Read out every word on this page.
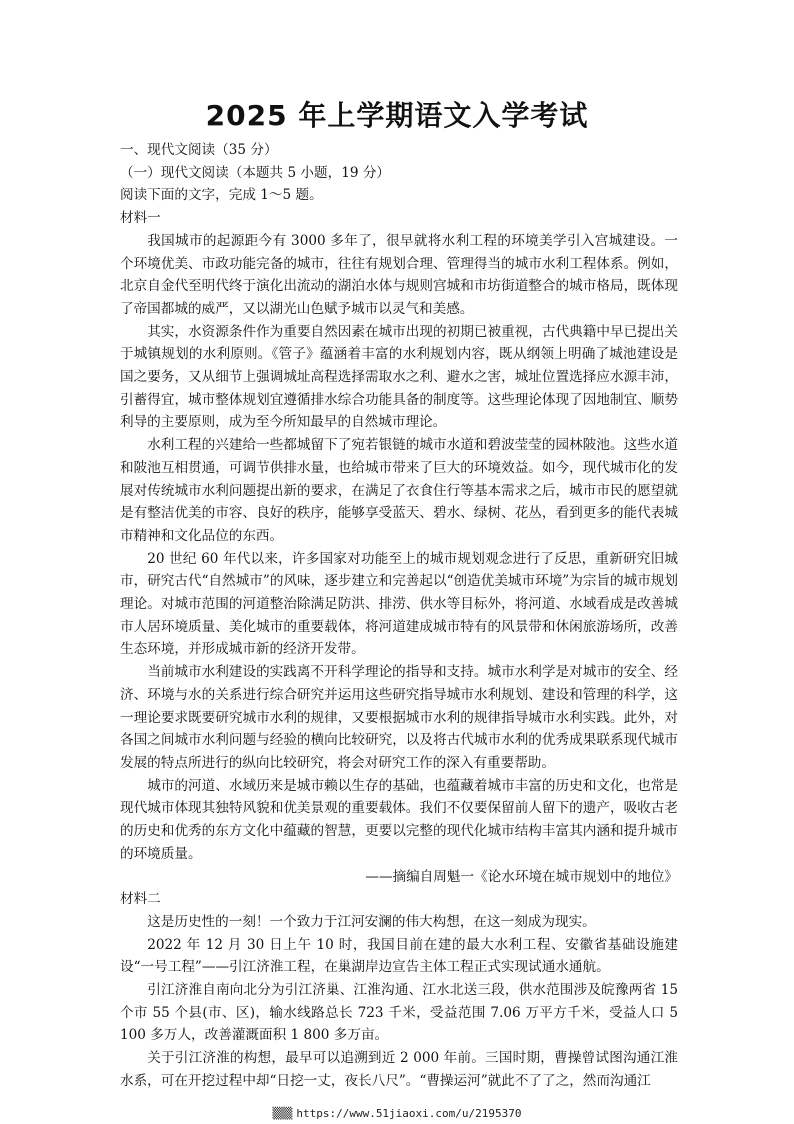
2025 年上学期语文入学考试

一、现代文阅读（35 分）

（一）现代文阅读（本题共 5 小题，19 分）

阅读下面的文字，完成 1～5 题。

材料一

我国城市的起源距今有 3000 多年了，很早就将水利工程的环境美学引入宫城建设。一个环境优美、市政功能完备的城市，往往有规划合理、管理得当的城市水利工程体系。例如，北京自金代至明代终于演化出流动的湖泊水体与规则宫城和市坊街道整合的城市格局，既体现了帝国都城的威严，又以湖光山色赋予城市以灵气和美感。

其实，水资源条件作为重要自然因素在城市出现的初期已被重视，古代典籍中早已提出关于城镇规划的水利原则。《管子》蕴涵着丰富的水利规划内容，既从纲领上明确了城池建设是国之要务，又从细节上强调城址高程选择需取水之利、避水之害，城址位置选择应水源丰沛，引蓄得宜，城市整体规划宜遵循排水综合功能具备的制度等。这些理论体现了因地制宜、顺势利导的主要原则，成为至今所知最早的自然城市理论。

水利工程的兴建给一些都城留下了宛若银链的城市水道和碧波莹莹的园林陂池。这些水道和陂池互相贯通，可调节供排水量，也给城市带来了巨大的环境效益。如今，现代城市化的发展对传统城市水利问题提出新的要求，在满足了衣食住行等基本需求之后，城市市民的愿望就是有整洁优美的市容、良好的秩序，能够享受蓝天、碧水、绿树、花丛，看到更多的能代表城市精神和文化品位的东西。

20 世纪 60 年代以来，许多国家对功能至上的城市规划观念进行了反思，重新研究旧城市，研究古代“自然城市”的风味，逐步建立和完善起以“创造优美城市环境”为宗旨的城市规划理论。对城市范围的河道整治除满足防洪、排涝、供水等目标外，将河道、水域看成是改善城市人居环境质量、美化城市的重要载体，将河道建成城市特有的风景带和休闲旅游场所，改善生态环境，并形成城市新的经济开发带。

当前城市水利建设的实践离不开科学理论的指导和支持。城市水利学是对城市的安全、经济、环境与水的关系进行综合研究并运用这些研究指导城市水利规划、建设和管理的科学，这一理论要求既要研究城市水利的规律，又要根据城市水利的规律指导城市水利实践。此外，对各国之间城市水利问题与经验的横向比较研究，以及将古代城市水利的优秀成果联系现代城市发展的特点所进行的纵向比较研究，将会对研究工作的深入有重要帮助。

城市的河道、水域历来是城市赖以生存的基础，也蕴藏着城市丰富的历史和文化，也常是现代城市体现其独特风貌和优美景观的重要载体。我们不仅要保留前人留下的遗产，吸收古老的历史和优秀的东方文化中蕴藏的智慧，更要以完整的现代化城市结构丰富其内涵和提升城市的环境质量。

——摘编自周魁一《论水环境在城市规划中的地位》

材料二

这是历史性的一刻！一个致力于江河安澜的伟大构想，在这一刻成为现实。

2022 年 12 月 30 日上午 10 时，我国目前在建的最大水利工程、安徽省基础设施建设“一号工程”——引江济淮工程，在巢湖岸边宣告主体工程正式实现试通水通航。

引江济淮自南向北分为引江济巢、江淮沟通、江水北送三段，供水范围涉及皖豫两省 15 个市 55 个县(市、区)，输水线路总长 723 千米，受益范围 7.06 万平方千米，受益人口 5 100 多万人，改善灌溉面积 1 800 多万亩。

关于引江济淮的构想，最早可以追溯到近 2 000 年前。三国时期，曹操曾试图沟通江淮水系，可在开挖过程中却“日挖一丈，夜长八尺”。“曹操运河”就此不了了之，然而沟通江

▒▒▒ https://www.51jiaoxi.com/u/2195370
